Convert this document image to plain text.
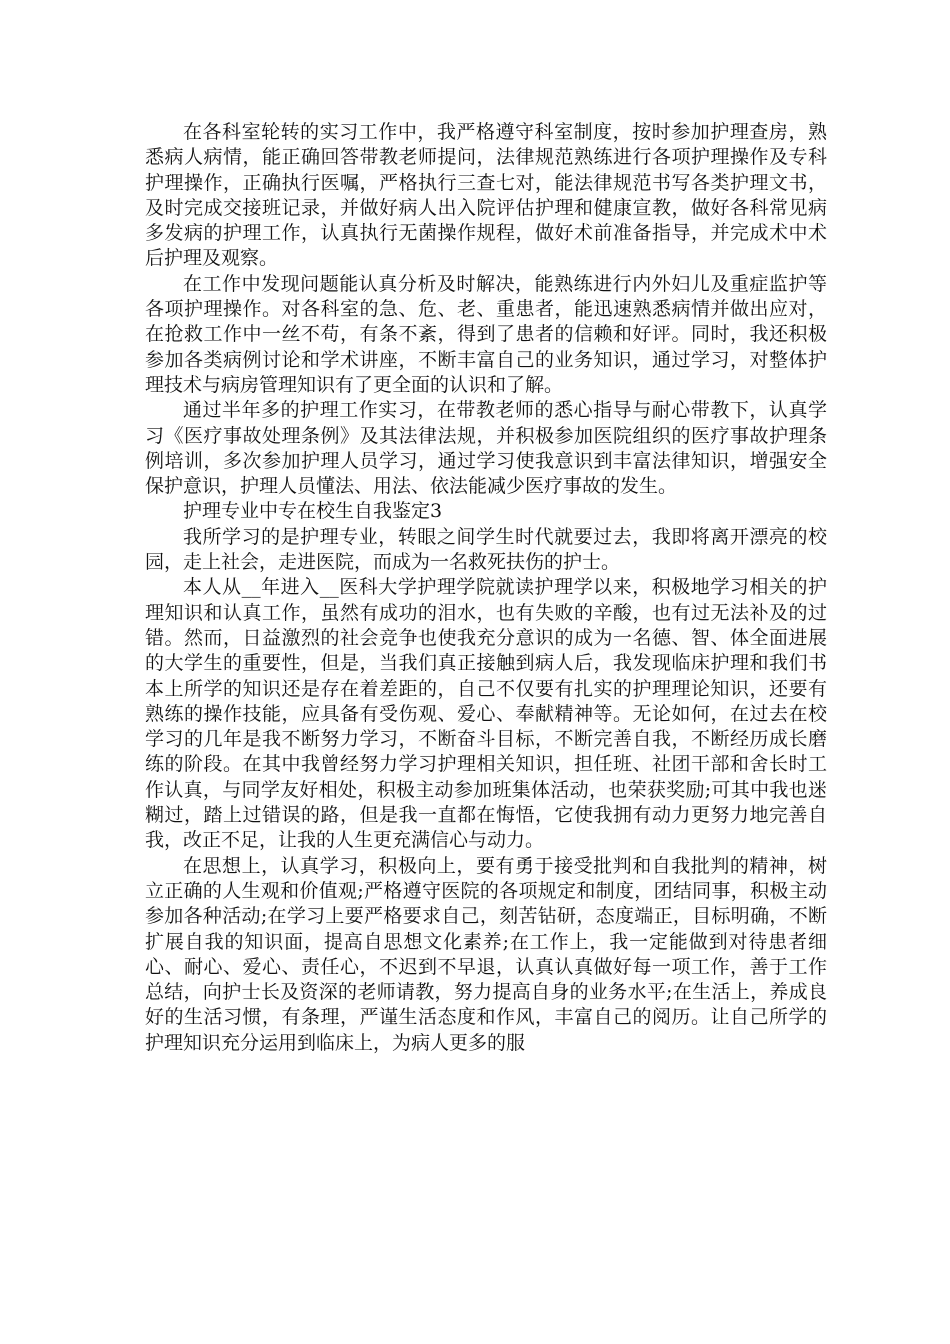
在各科室轮转的实习工作中，我严格遵守科室制度，按时参加护理查房，熟悉病人病情，能正确回答带教老师提问，法律规范熟练进行各项护理操作及专科护理操作，正确执行医嘱，严格执行三查七对，能法律规范书写各类护理文书，及时完成交接班记录，并做好病人出入院评估护理和健康宣教，做好各科常见病多发病的护理工作，认真执行无菌操作规程，做好术前准备指导，并完成术中术后护理及观察。

在工作中发现问题能认真分析及时解决，能熟练进行内外妇儿及重症监护等各项护理操作。对各科室的急、危、老、重患者，能迅速熟悉病情并做出应对，在抢救工作中一丝不苟，有条不紊，得到了患者的信赖和好评。同时，我还积极参加各类病例讨论和学术讲座，不断丰富自己的业务知识，通过学习，对整体护理技术与病房管理知识有了更全面的认识和了解。

通过半年多的护理工作实习，在带教老师的悉心指导与耐心带教下，认真学习《医疗事故处理条例》及其法律法规，并积极参加医院组织的医疗事故护理条例培训，多次参加护理人员学习，通过学习使我意识到丰富法律知识，增强安全保护意识，护理人员懂法、用法、依法能减少医疗事故的发生。

护理专业中专在校生自我鉴定3

我所学习的是护理专业，转眼之间学生时代就要过去，我即将离开漂亮的校园，走上社会，走进医院，而成为一名救死扶伤的护士。

本人从__年进入__医科大学护理学院就读护理学以来，积极地学习相关的护理知识和认真工作，虽然有成功的泪水，也有失败的辛酸，也有过无法补及的过错。然而，日益激烈的社会竞争也使我充分意识的成为一名德、智、体全面进展的大学生的重要性，但是，当我们真正接触到病人后，我发现临床护理和我们书本上所学的知识还是存在着差距的，自己不仅要有扎实的护理理论知识，还要有熟练的操作技能，应具备有受伤观、爱心、奉献精神等。无论如何，在过去在校学习的几年是我不断努力学习，不断奋斗目标，不断完善自我，不断经历成长磨练的阶段。在其中我曾经努力学习护理相关知识，担任班、社团干部和舍长时工作认真，与同学友好相处，积极主动参加班集体活动，也荣获奖励;可其中我也迷糊过，踏上过错误的路，但是我一直都在悔悟，它使我拥有动力更努力地完善自我，改正不足，让我的人生更充满信心与动力。

在思想上，认真学习，积极向上，要有勇于接受批判和自我批判的精神，树立正确的人生观和价值观;严格遵守医院的各项规定和制度，团结同事，积极主动参加各种活动;在学习上要严格要求自己，刻苦钻研，态度端正，目标明确，不断扩展自我的知识面，提高自思想文化素养;在工作上，我一定能做到对待患者细心、耐心、爱心、责任心，不迟到不早退，认真认真做好每一项工作，善于工作总结，向护士长及资深的老师请教，努力提高自身的业务水平;在生活上，养成良好的生活习惯，有条理，严谨生活态度和作风，丰富自己的阅历。让自己所学的护理知识充分运用到临床上，为病人更多的服
